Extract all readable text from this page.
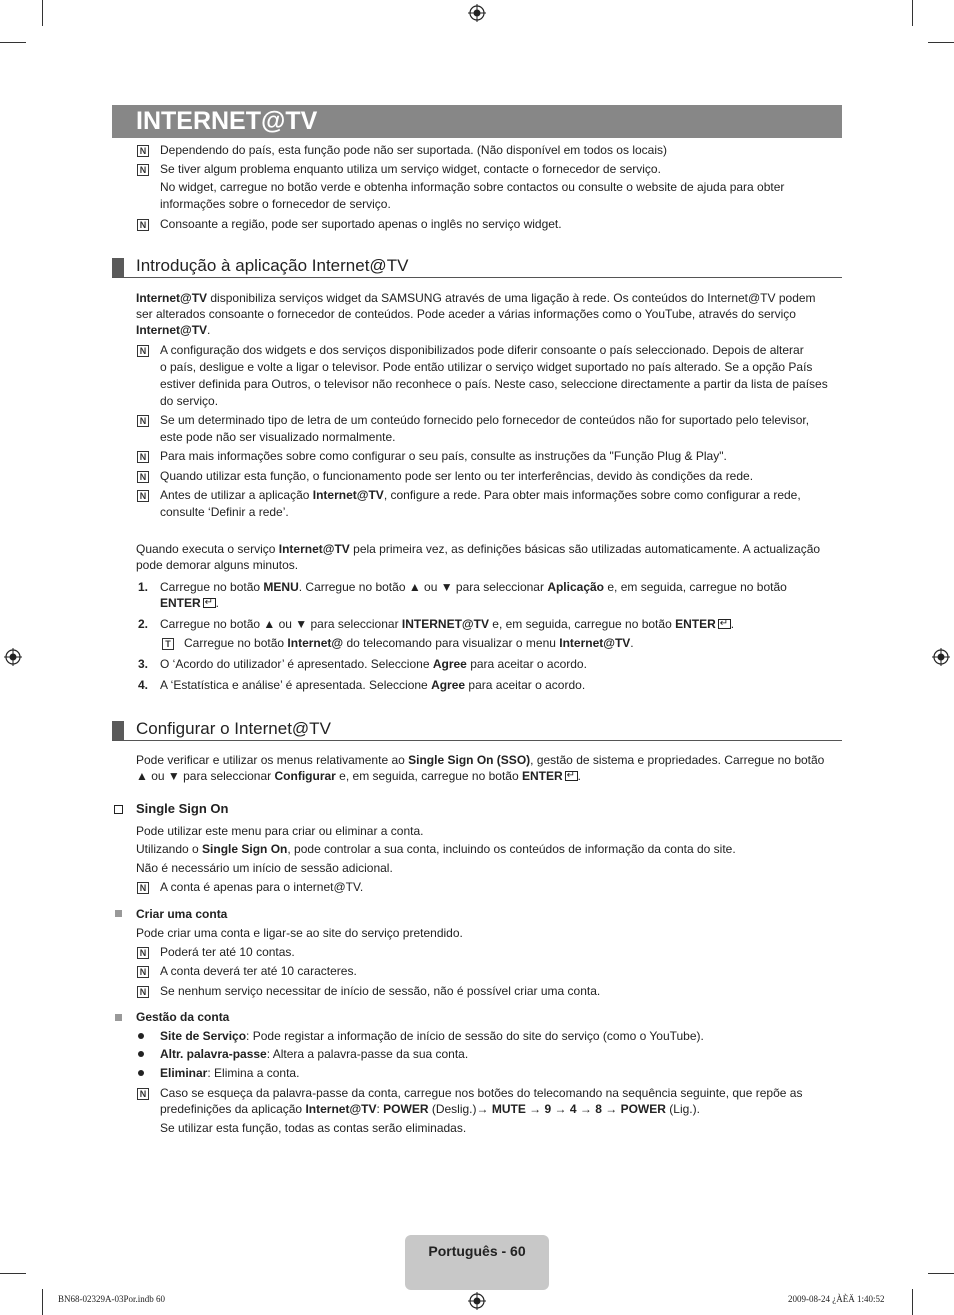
INTERNET@TV
N Dependendo do país, esta função pode não ser suportada. (Não disponível em todos os locais)
N Se tiver algum problema enquanto utiliza um serviço widget, contacte o fornecedor de serviço.
No widget, carregue no botão verde e obtenha informação sobre contactos ou consulte o website de ajuda para obter
informações sobre o fornecedor de serviço.
N Consoante a região, pode ser suportado apenas o inglês no serviço widget.
Introdução à aplicação Internet@TV
Internet@TV disponibiliza serviços widget da SAMSUNG através de uma ligação à rede. Os conteúdos do Internet@TV podem
ser alterados consoante o fornecedor de conteúdos. Pode aceder a várias informações como o YouTube, através do serviço
Internet@TV.
N A configuração dos widgets e dos serviços disponibilizados pode diferir consoante o país seleccionado. Depois de alterar
o país, desligue e volte a ligar o televisor. Pode então utilizar o serviço widget suportado no país alterado. Se a opção País
estiver definida para Outros, o televisor não reconhece o país. Neste caso, seleccione directamente a partir da lista de países
do serviço.
N Se um determinado tipo de letra de um conteúdo fornecido pelo fornecedor de conteúdos não for suportado pelo televisor,
este pode não ser visualizado normalmente.
N Para mais informações sobre como configurar o seu país, consulte as instruções da "Função Plug & Play".
N Quando utilizar esta função, o funcionamento pode ser lento ou ter interferências, devido às condições da rede.
N Antes de utilizar a aplicação Internet@TV, configure a rede. Para obter mais informações sobre como configurar a rede,
consulte ‘Definir a rede’.
Quando executa o serviço Internet@TV pela primeira vez, as definições básicas são utilizadas automaticamente. A actualização
pode demorar alguns minutos.
1. Carregue no botão MENU. Carregue no botão ▲ ou ▼ para seleccionar Aplicação e, em seguida, carregue no botão
ENTER ↵ .
2. Carregue no botão ▲ ou ▼ para seleccionar INTERNET@TV e, em seguida, carregue no botão ENTER ↵ .
T Carregue no botão Internet@ do telecomando para visualizar o menu Internet@TV.
3. O ‘Acordo do utilizador’ é apresentado. Seleccione Agree para aceitar o acordo.
4. A ‘Estatística e análise’ é apresentada. Seleccione Agree para aceitar o acordo.
Configurar o Internet@TV
Pode verificar e utilizar os menus relativamente ao Single Sign On (SSO), gestão de sistema e propriedades. Carregue no botão
▲ ou ▼ para seleccionar Configurar e, em seguida, carregue no botão ENTER ↵ .
Single Sign On
Pode utilizar este menu para criar ou eliminar a conta.
Utilizando o Single Sign On, pode controlar a sua conta, incluindo os conteúdos de informação da conta do site.
Não é necessário um início de sessão adicional.
N A conta é apenas para o internet@TV.
Criar uma conta
Pode criar uma conta e ligar-se ao site do serviço pretendido.
N Poderá ter até 10 contas.
N A conta deverá ter até 10 caracteres.
N Se nenhum serviço necessitar de início de sessão, não é possível criar uma conta.
Gestão da conta
Site de Serviço: Pode registar a informação de início de sessão do site do serviço (como o YouTube).
Altr. palavra-passe: Altera a palavra-passe da sua conta.
Eliminar: Elimina a conta.
N Caso se esqueça da palavra-passe da conta, carregue nos botões do telecomando na sequência seguinte, que repõe as
predefinições da aplicação Internet@TV: POWER (Deslig.)→ MUTE → 9 → 4 → 8 → POWER (Lig.).
Se utilizar esta função, todas as contas serão eliminadas.
Português - 60
BN68-02329A-03Por.indb 60	2009-08-24 ¿ÀÈÄ 1:40:52
